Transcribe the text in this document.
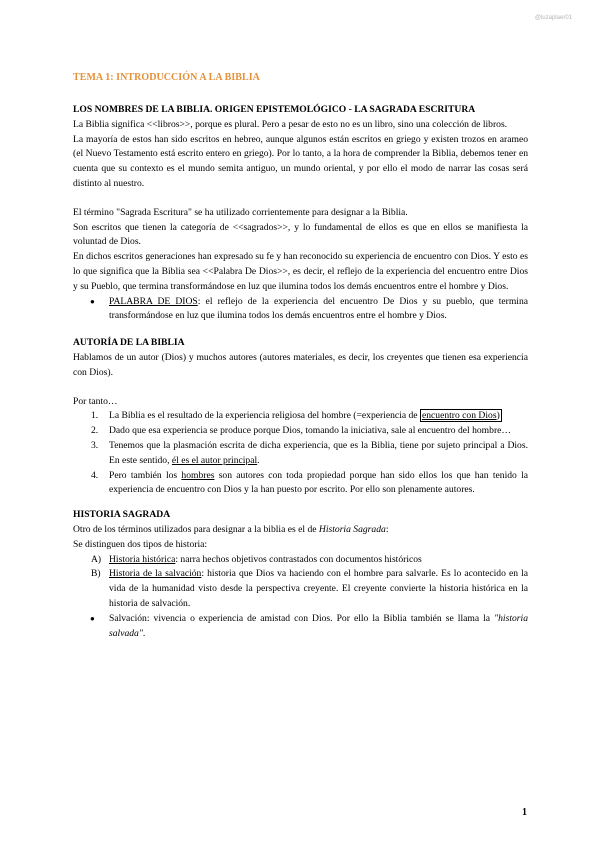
@luzaplaer01
TEMA 1: INTRODUCCIÓN A LA BIBLIA

LOS NOMBRES DE LA BIBLIA. ORIGEN EPISTEMOLÓGICO - LA SAGRADA ESCRITURA

La Biblia significa <<libros>>, porque es plural. Pero a pesar de esto no es un libro, sino una colección de libros.

La mayoría de estos han sido escritos en hebreo, aunque algunos están escritos en griego y existen trozos en arameo (el Nuevo Testamento está escrito entero en griego). Por lo tanto, a la hora de comprender la Biblia, debemos tener en cuenta que su contexto es el mundo semita antiguo, un mundo oriental, y por ello el modo de narrar las cosas será distinto al nuestro.

El término "Sagrada Escritura" se ha utilizado corrientemente para designar a la Biblia.

Son escritos que tienen la categoría de <<sagrados>>, y lo fundamental de ellos es que en ellos se manifiesta la voluntad de Dios.

En dichos escritos generaciones han expresado su fe y han reconocido su experiencia de encuentro con Dios. Y esto es lo que significa que la Biblia sea <<Palabra De Dios>>, es decir, el reflejo de la experiencia del encuentro entre Dios y su Pueblo, que termina transformándose en luz que ilumina todos los demás encuentros entre el hombre y Dios.

● PALABRA DE DIOS: el reflejo de la experiencia del encuentro De Dios y su pueblo, que termina transformándose en luz que ilumina todos los demás encuentros entre el hombre y Dios.

AUTORÍA DE LA BIBLIA

Hablamos de un autor (Dios) y muchos autores (autores materiales, es decir, los creyentes que tienen esa experiencia con Dios).

Por tanto…

1. La Biblia es el resultado de la experiencia religiosa del hombre (=experiencia de encuentro con Dios)
2. Dado que esa experiencia se produce porque Dios, tomando la iniciativa, sale al encuentro del hombre…
3. Tenemos que la plasmación escrita de dicha experiencia, que es la Biblia, tiene por sujeto principal a Dios. En este sentido, él es el autor principal.
4. Pero también los hombres son autores con toda propiedad porque han sido ellos los que han tenido la experiencia de encuentro con Dios y la han puesto por escrito. Por ello son plenamente autores.

HISTORIA SAGRADA

Otro de los términos utilizados para designar a la biblia es el de Historia Sagrada:

Se distinguen dos tipos de historia:

A) Historia histórica: narra hechos objetivos contrastados con documentos históricos
B) Historia de la salvación: historia que Dios va haciendo con el hombre para salvarle. Es lo acontecido en la vida de la humanidad visto desde la perspectiva creyente. El creyente convierte la historia histórica en la historia de salvación.
● Salvación: vivencia o experiencia de amistad con Dios. Por ello la Biblia también se llama la "historia salvada".
1
